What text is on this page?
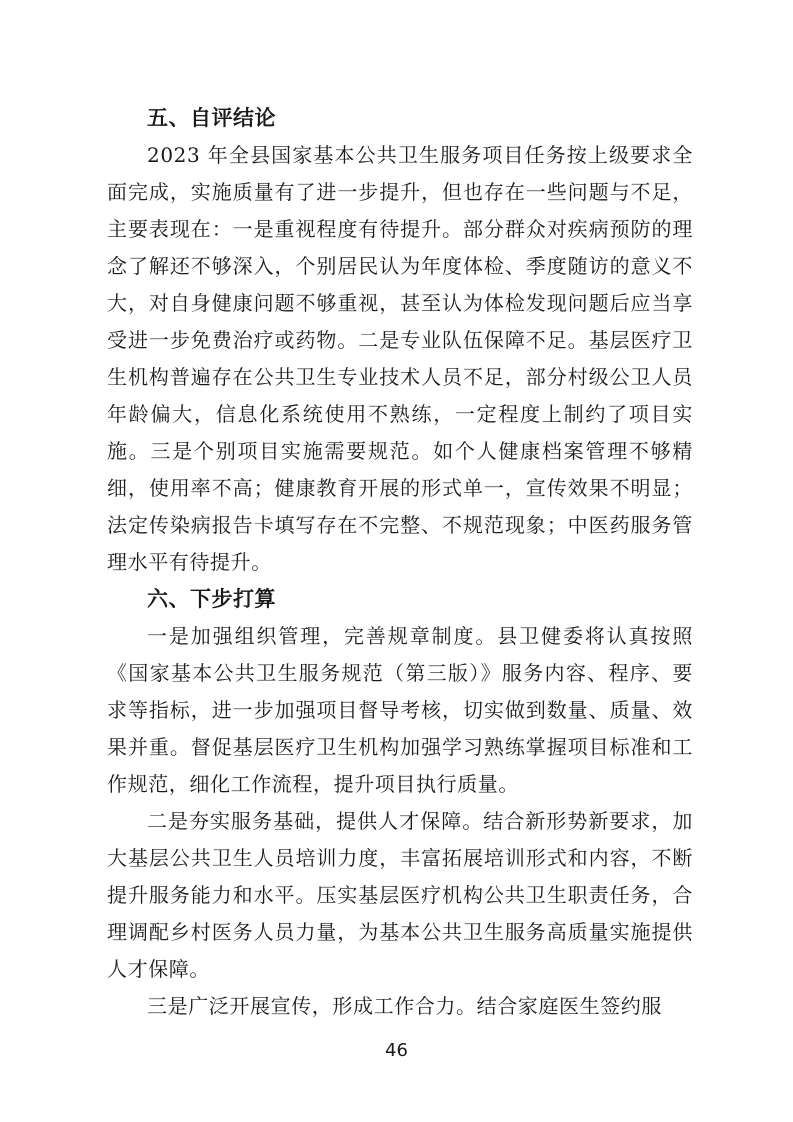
五、自评结论

2023 年全县国家基本公共卫生服务项目任务按上级要求全面完成，实施质量有了进一步提升，但也存在一些问题与不足，主要表现在：一是重视程度有待提升。部分群众对疾病预防的理念了解还不够深入，个别居民认为年度体检、季度随访的意义不大，对自身健康问题不够重视，甚至认为体检发现问题后应当享受进一步免费治疗或药物。二是专业队伍保障不足。基层医疗卫生机构普遍存在公共卫生专业技术人员不足，部分村级公卫人员年龄偏大，信息化系统使用不熟练，一定程度上制约了项目实施。三是个别项目实施需要规范。如个人健康档案管理不够精细，使用率不高；健康教育开展的形式单一，宣传效果不明显；法定传染病报告卡填写存在不完整、不规范现象；中医药服务管理水平有待提升。

六、下步打算

一是加强组织管理，完善规章制度。县卫健委将认真按照《国家基本公共卫生服务规范（第三版）》服务内容、程序、要求等指标，进一步加强项目督导考核，切实做到数量、质量、效果并重。督促基层医疗卫生机构加强学习熟练掌握项目标准和工作规范，细化工作流程，提升项目执行质量。

二是夯实服务基础，提供人才保障。结合新形势新要求，加大基层公共卫生人员培训力度，丰富拓展培训形式和内容，不断提升服务能力和水平。压实基层医疗机构公共卫生职责任务，合理调配乡村医务人员力量，为基本公共卫生服务高质量实施提供人才保障。

三是广泛开展宣传，形成工作合力。结合家庭医生签约服

46
